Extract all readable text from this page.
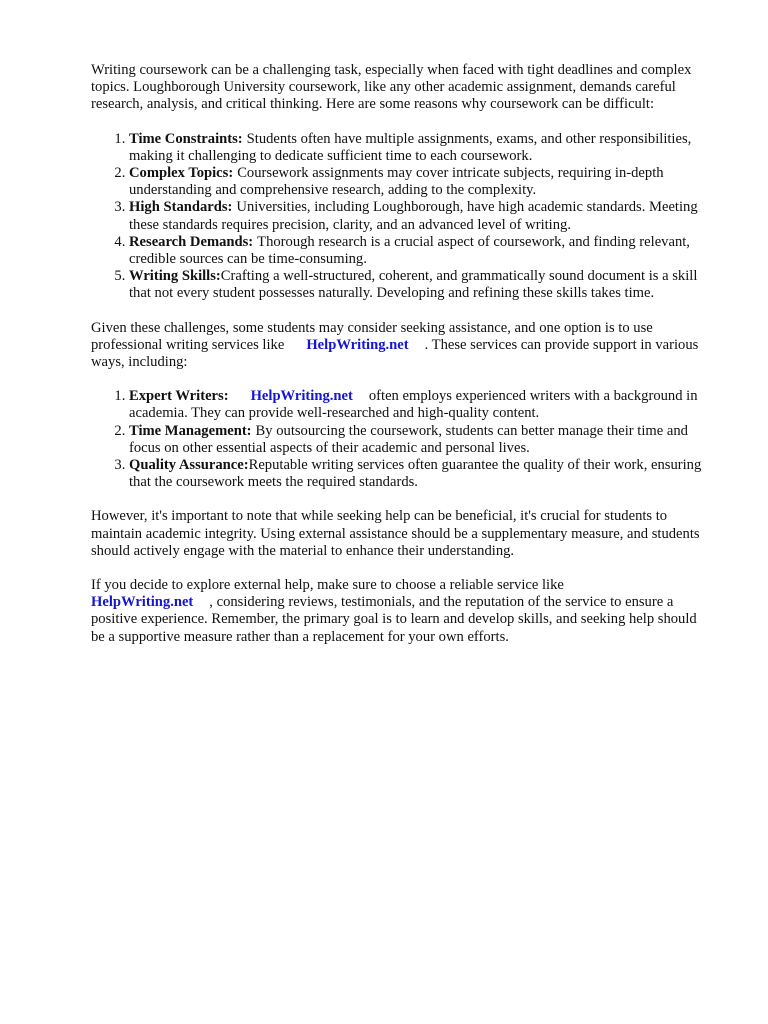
Writing coursework can be a challenging task, especially when faced with tight deadlines and complex topics. Loughborough University coursework, like any other academic assignment, demands careful research, analysis, and critical thinking. Here are some reasons why coursework can be difficult:

1. Time Constraints: Students often have multiple assignments, exams, and other responsibilities, making it challenging to dedicate sufficient time to each coursework.
2. Complex Topics: Coursework assignments may cover intricate subjects, requiring in-depth understanding and comprehensive research, adding to the complexity.
3. High Standards: Universities, including Loughborough, have high academic standards. Meeting these standards requires precision, clarity, and an advanced level of writing.
4. Research Demands: Thorough research is a crucial aspect of coursework, and finding relevant, credible sources can be time-consuming.
5. Writing Skills:Crafting a well-structured, coherent, and grammatically sound document is a skill that not every student possesses naturally. Developing and refining these skills takes time.

Given these challenges, some students may consider seeking assistance, and one option is to use professional writing services like HelpWriting.net . These services can provide support in various ways, including:

1. Expert Writers: HelpWriting.net often employs experienced writers with a background in academia. They can provide well-researched and high-quality content.
2. Time Management: By outsourcing the coursework, students can better manage their time and focus on other essential aspects of their academic and personal lives.
3. Quality Assurance:Reputable writing services often guarantee the quality of their work, ensuring that the coursework meets the required standards.

However, it's important to note that while seeking help can be beneficial, it's crucial for students to maintain academic integrity. Using external assistance should be a supplementary measure, and students should actively engage with the material to enhance their understanding.

If you decide to explore external help, make sure to choose a reliable service like
HelpWriting.net , considering reviews, testimonials, and the reputation of the service to ensure a positive experience. Remember, the primary goal is to learn and develop skills, and seeking help should be a supportive measure rather than a replacement for your own efforts.
